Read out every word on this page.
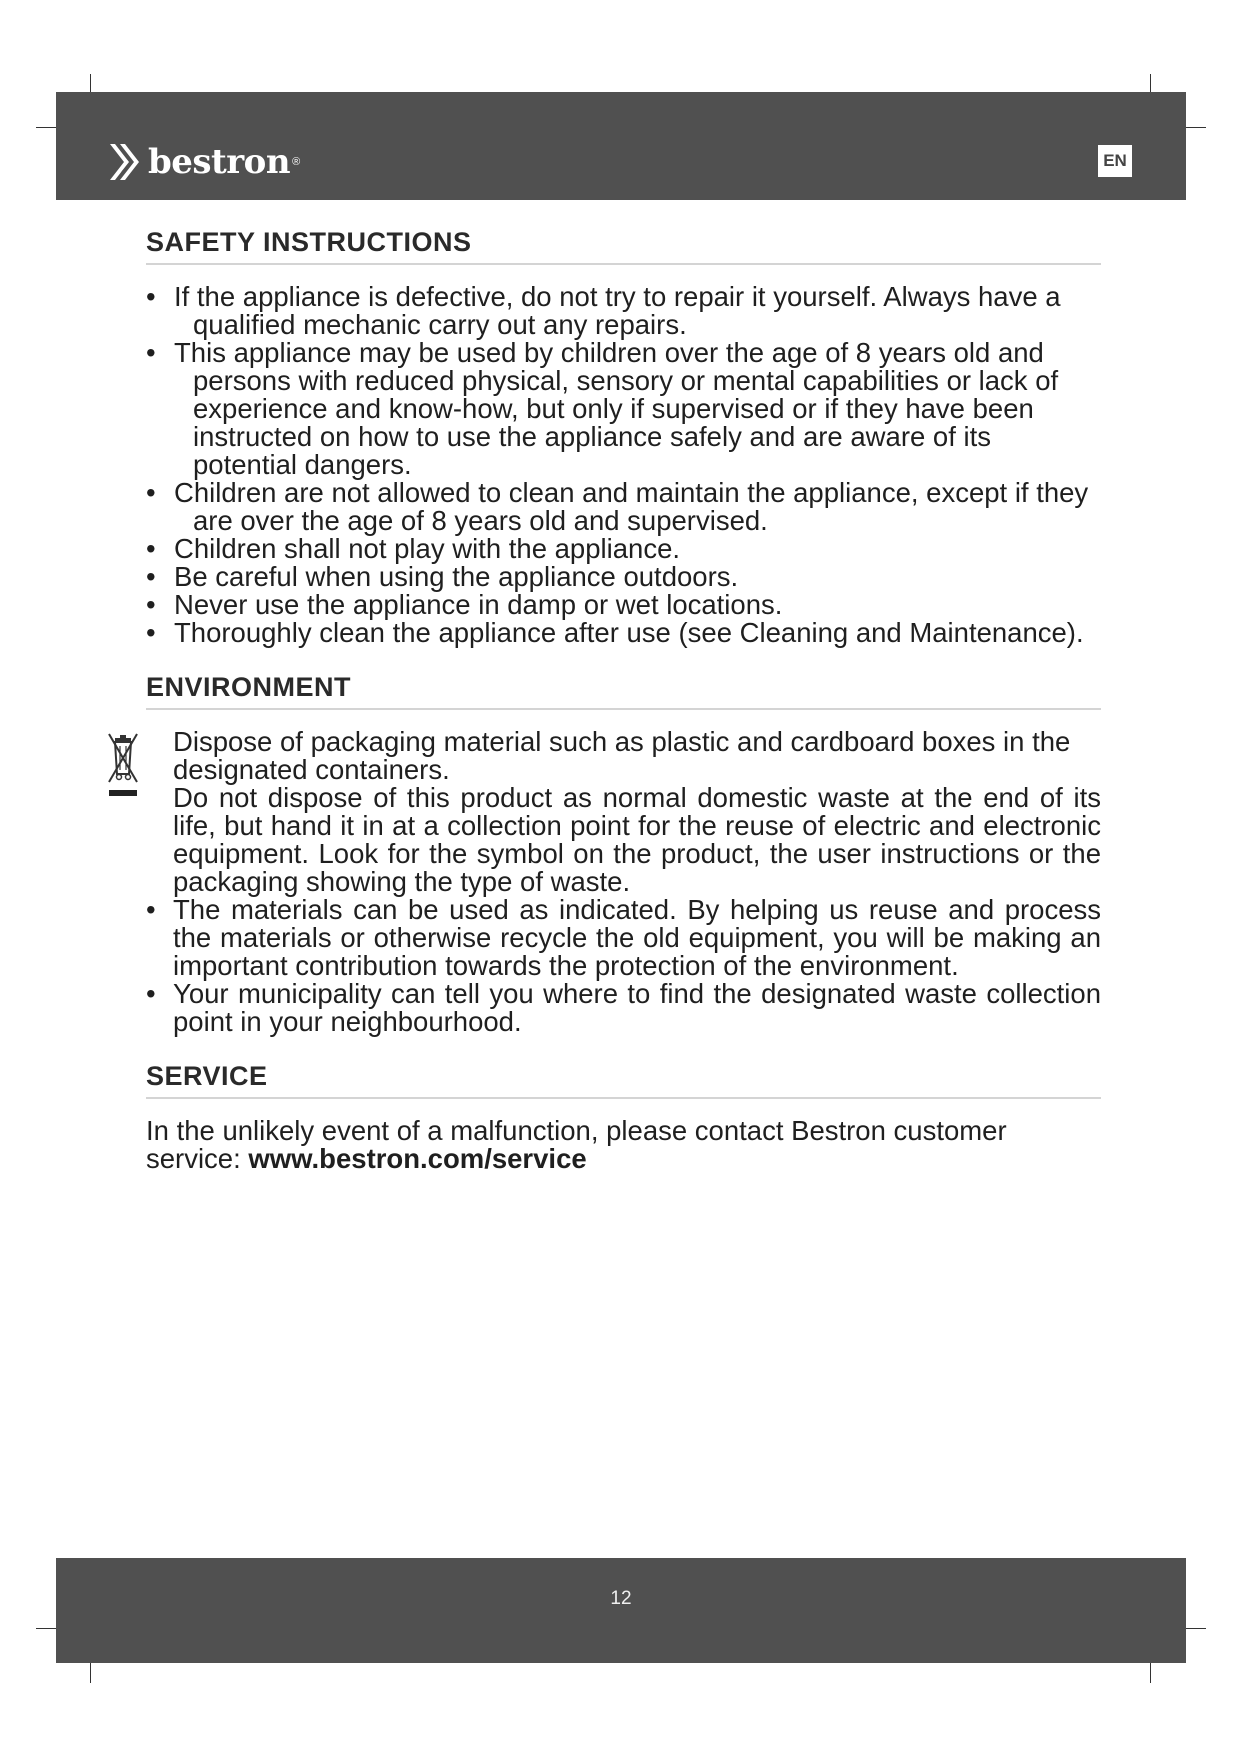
bestron ®	EN
SAFETY INSTRUCTIONS
• If the appliance is defective, do not try to repair it yourself. Always have a qualified mechanic carry out any repairs.
• This appliance may be used by children over the age of 8 years old and persons with reduced physical, sensory or mental capabilities or lack of experience and know-how, but only if supervised or if they have been instructed on how to use the appliance safely and are aware of its potential dangers.
• Children are not allowed to clean and maintain the appliance, except if they are over the age of 8 years old and supervised.
• Children shall not play with the appliance.
• Be careful when using the appliance outdoors.
• Never use the appliance in damp or wet locations.
• Thoroughly clean the appliance after use (see Cleaning and Maintenance).
ENVIRONMENT
Dispose of packaging material such as plastic and cardboard boxes in the designated containers.
Do not dispose of this product as normal domestic waste at the end of its life, but hand it in at a collection point for the reuse of electric and electronic equipment. Look for the symbol on the product, the user instructions or the packaging showing the type of waste.
• The materials can be used as indicated. By helping us reuse and process the materials or otherwise recycle the old equipment, you will be making an important contribution towards the protection of the environment.
• Your municipality can tell you where to find the designated waste collection point in your neighbourhood.
SERVICE
In the unlikely event of a malfunction, please contact Bestron customer service: www.bestron.com/service
12
